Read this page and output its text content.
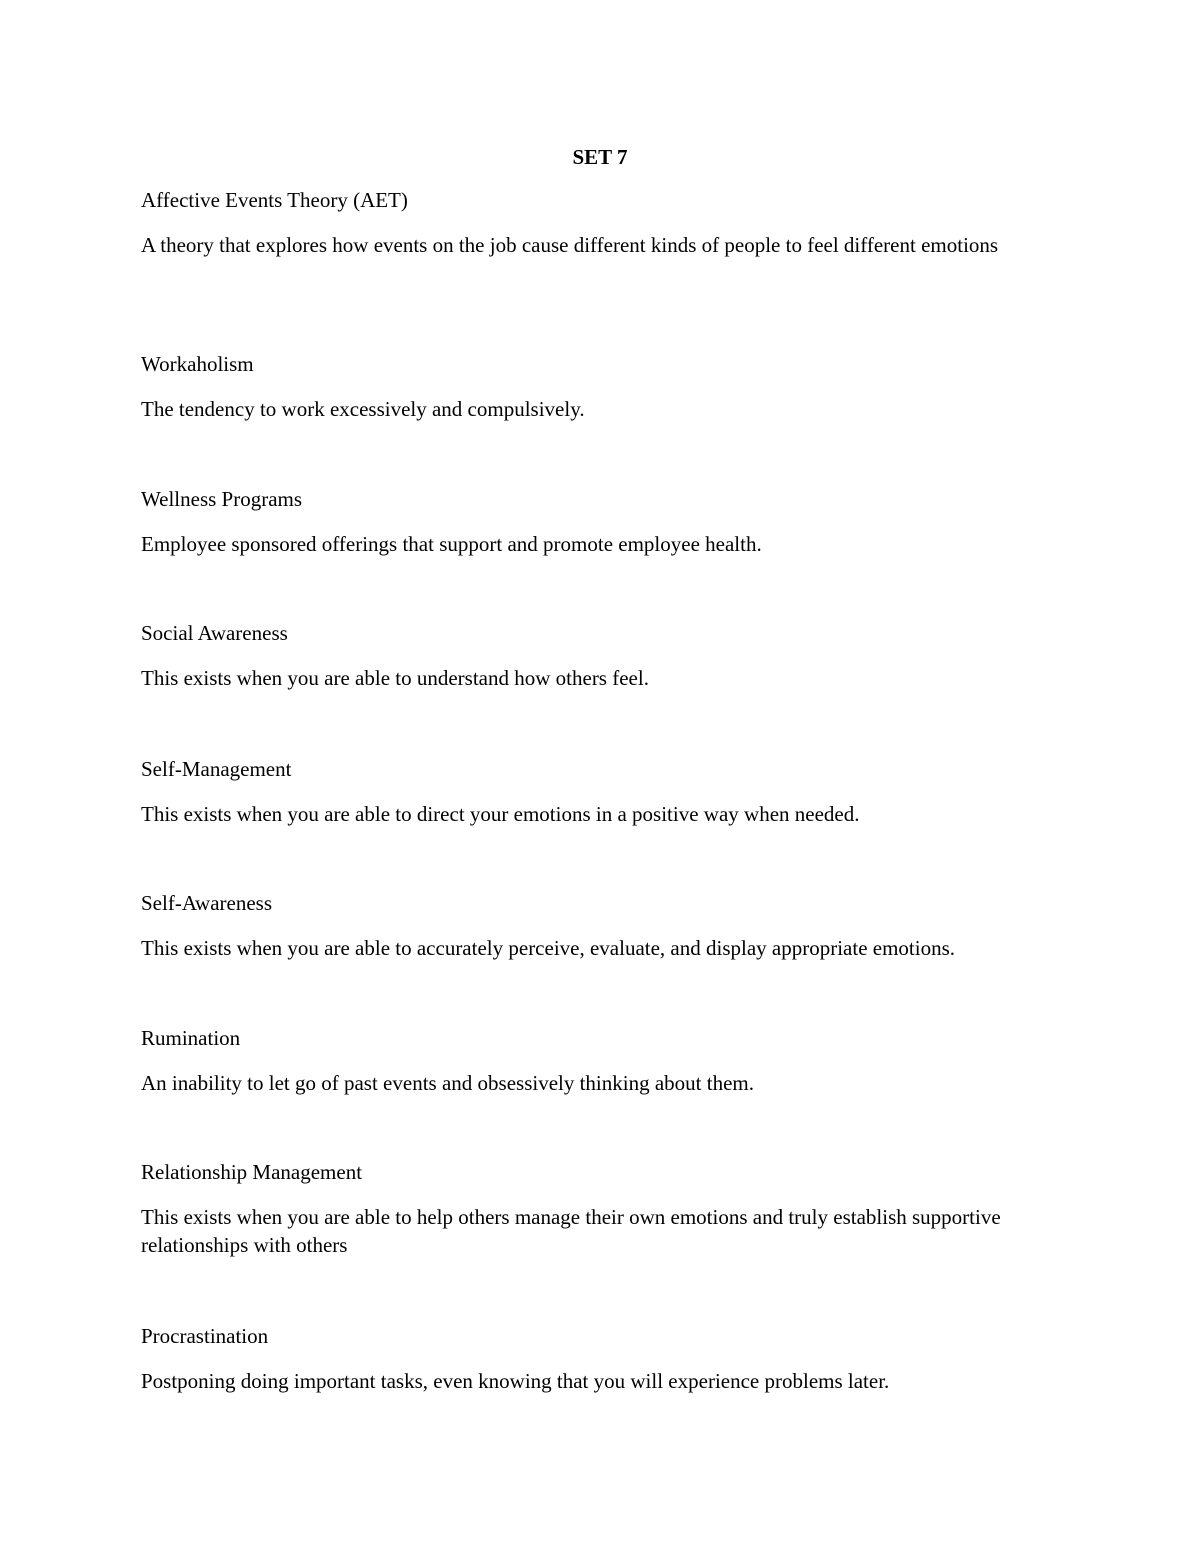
SET 7

Affective Events Theory (AET)

A theory that explores how events on the job cause different kinds of people to feel different emotions

Workaholism

The tendency to work excessively and compulsively.

Wellness Programs

Employee sponsored offerings that support and promote employee health.

Social Awareness

This exists when you are able to understand how others feel.

Self-Management

This exists when you are able to direct your emotions in a positive way when needed.

Self-Awareness

This exists when you are able to accurately perceive, evaluate, and display appropriate emotions.

Rumination

An inability to let go of past events and obsessively thinking about them.

Relationship Management

This exists when you are able to help others manage their own emotions and truly establish supportive relationships with others

Procrastination

Postponing doing important tasks, even knowing that you will experience problems later.
